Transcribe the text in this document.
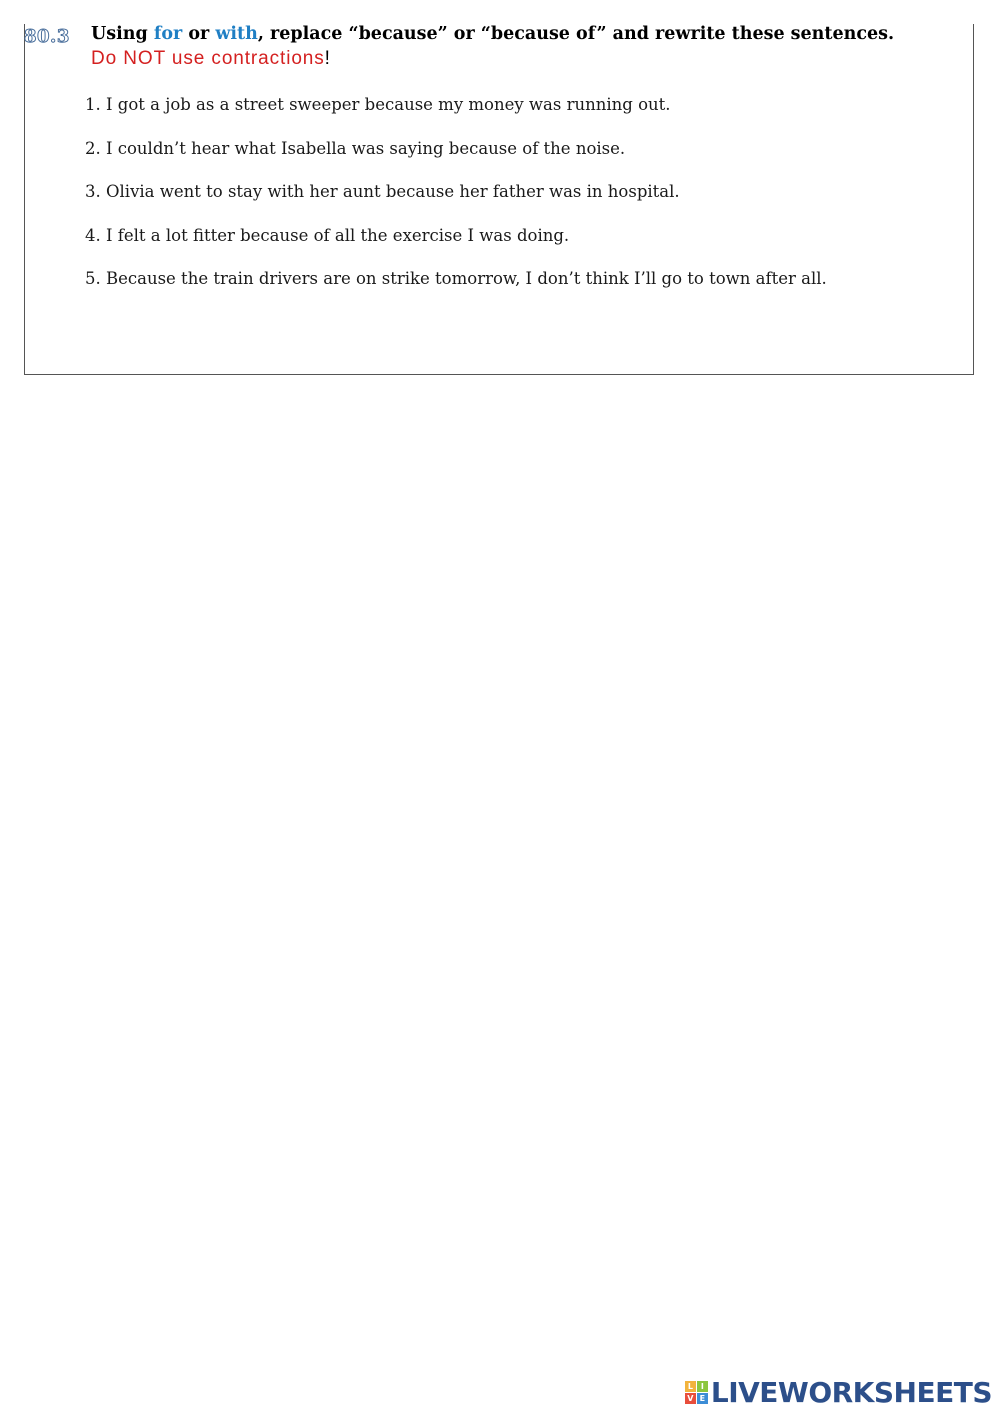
80.3 Using for or with, replace “because” or “because of” and rewrite these sentences.
Do NOT use contractions!
1. I got a job as a street sweeper because my money was running out.
2. I couldn’t hear what Isabella was saying because of the noise.
3. Olivia went to stay with her aunt because her father was in hospital.
4. I felt a lot fitter because of all the exercise I was doing.
5. Because the train drivers are on strike tomorrow, I don’t think I’ll go to town after all.
L I
V E LIVEWORKSHEETS
